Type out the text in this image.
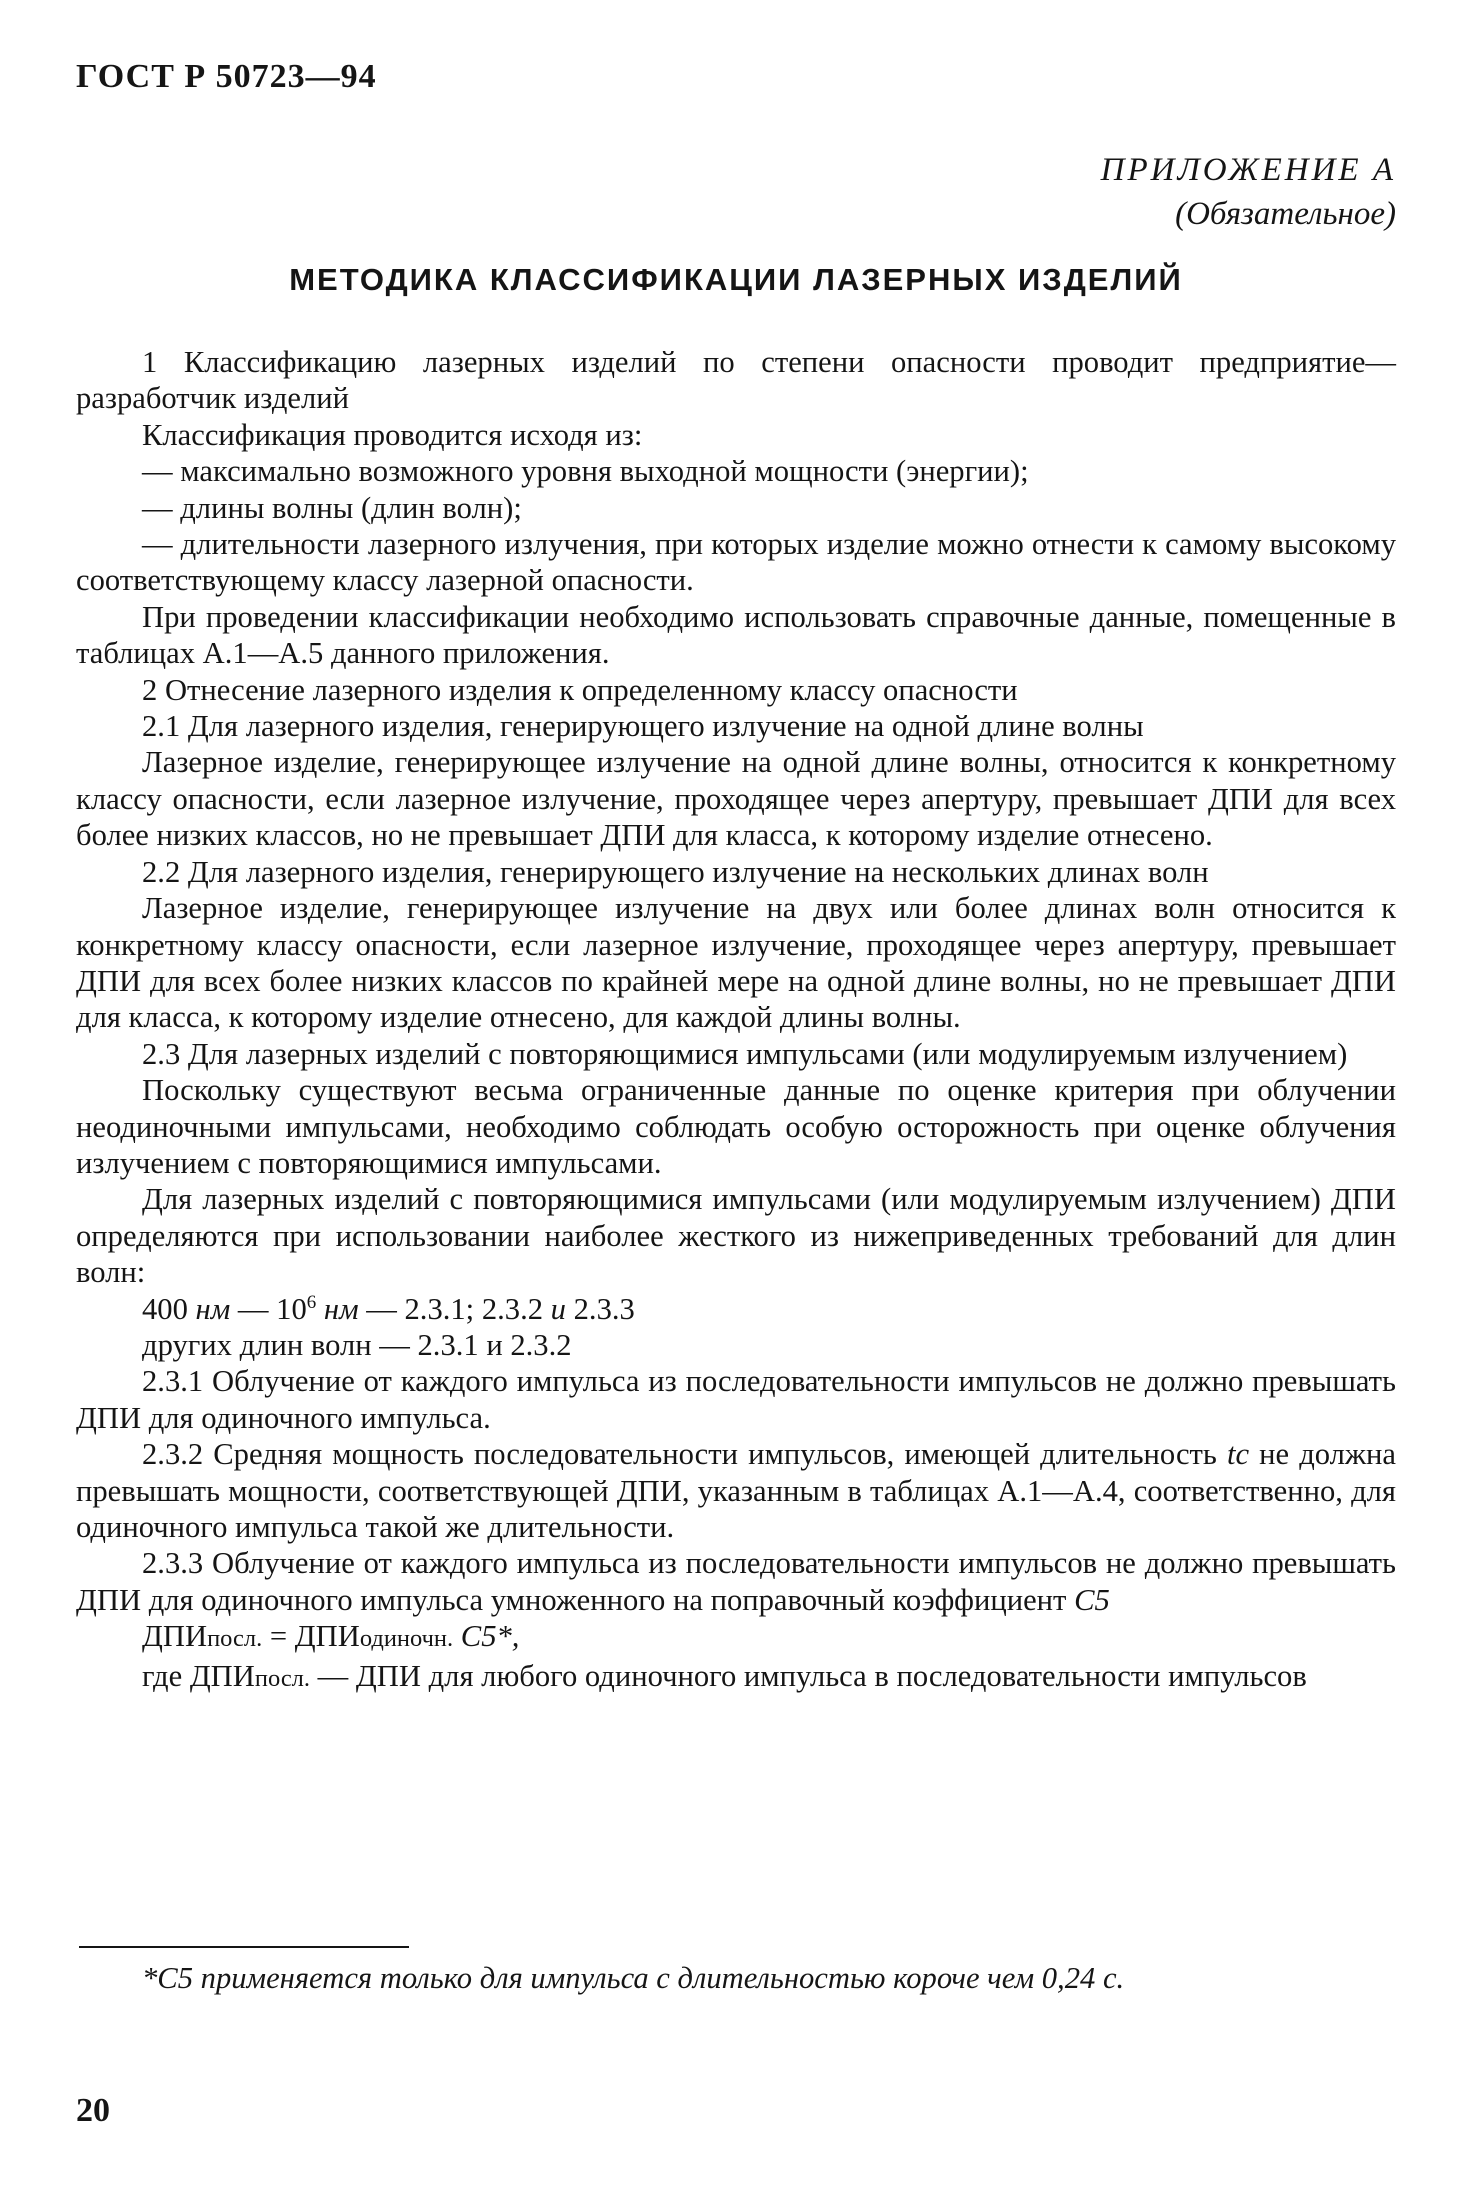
ГОСТ Р 50723—94
ПРИЛОЖЕНИЕ А
(Обязательное)
МЕТОДИКА КЛАССИФИКАЦИИ ЛАЗЕРНЫХ ИЗДЕЛИЙ

1 Классификацию лазерных изделий по степени опасности проводит предприятие—разработчик изделий

Классификация проводится исходя из:

— максимально возможного уровня выходной мощности (энергии);

— длины волны (длин волн);

— длительности лазерного излучения, при которых изделие можно отнести к самому высокому соответствующему классу лазерной опасности.

При проведении классификации необходимо использовать справочные данные, помещенные в таблицах А.1—А.5 данного приложения.

2 Отнесение лазерного изделия к определенному классу опасности

2.1 Для лазерного изделия, генерирующего излучение на одной длине волны

Лазерное изделие, генерирующее излучение на одной длине волны, относится к конкретному классу опасности, если лазерное излучение, проходящее через апертуру, превышает ДПИ для всех более низких классов, но не превышает ДПИ для класса, к которому изделие отнесено.

2.2 Для лазерного изделия, генерирующего излучение на нескольких длинах волн

Лазерное изделие, генерирующее излучение на двух или более длинах волн относится к конкретному классу опасности, если лазерное излучение, проходящее через апертуру, превышает ДПИ для всех более низких классов по крайней мере на одной длине волны, но не превышает ДПИ для класса, к которому изделие отнесено, для каждой длины волны.

2.3 Для лазерных изделий с повторяющимися импульсами (или модулируемым излучением)

Поскольку существуют весьма ограниченные данные по оценке критерия при облучении неодиночными импульсами, необходимо соблюдать особую осторожность при оценке облучения излучением с повторяющимися импульсами.

Для лазерных изделий с повторяющимися импульсами (или модулируемым излучением) ДПИ определяются при использовании наиболее жесткого из нижеприведенных требований для длин волн:

400 нм — $10^6$ нм — 2.3.1; 2.3.2 и 2.3.3

других длин волн — 2.3.1 и 2.3.2

2.3.1 Облучение от каждого импульса из последовательности импульсов не должно превышать ДПИ для одиночного импульса.

2.3.2 Средняя мощность последовательности импульсов, имеющей длительность tc не должна превышать мощности, соответствующей ДПИ, указанным в таблицах А.1—А.4, соответственно, для одиночного импульса такой же длительности.

2.3.3 Облучение от каждого импульса из последовательности импульсов не должно превышать ДПИ для одиночного импульса умноженного на поправочный коэффициент C5

ДПИпосл. = ДПИодиночн. C5*,

где ДПИпосл. — ДПИ для любого одиночного импульса в последовательности импульсов

*C5 применяется только для импульса с длительностью короче чем 0,24 с.
20
